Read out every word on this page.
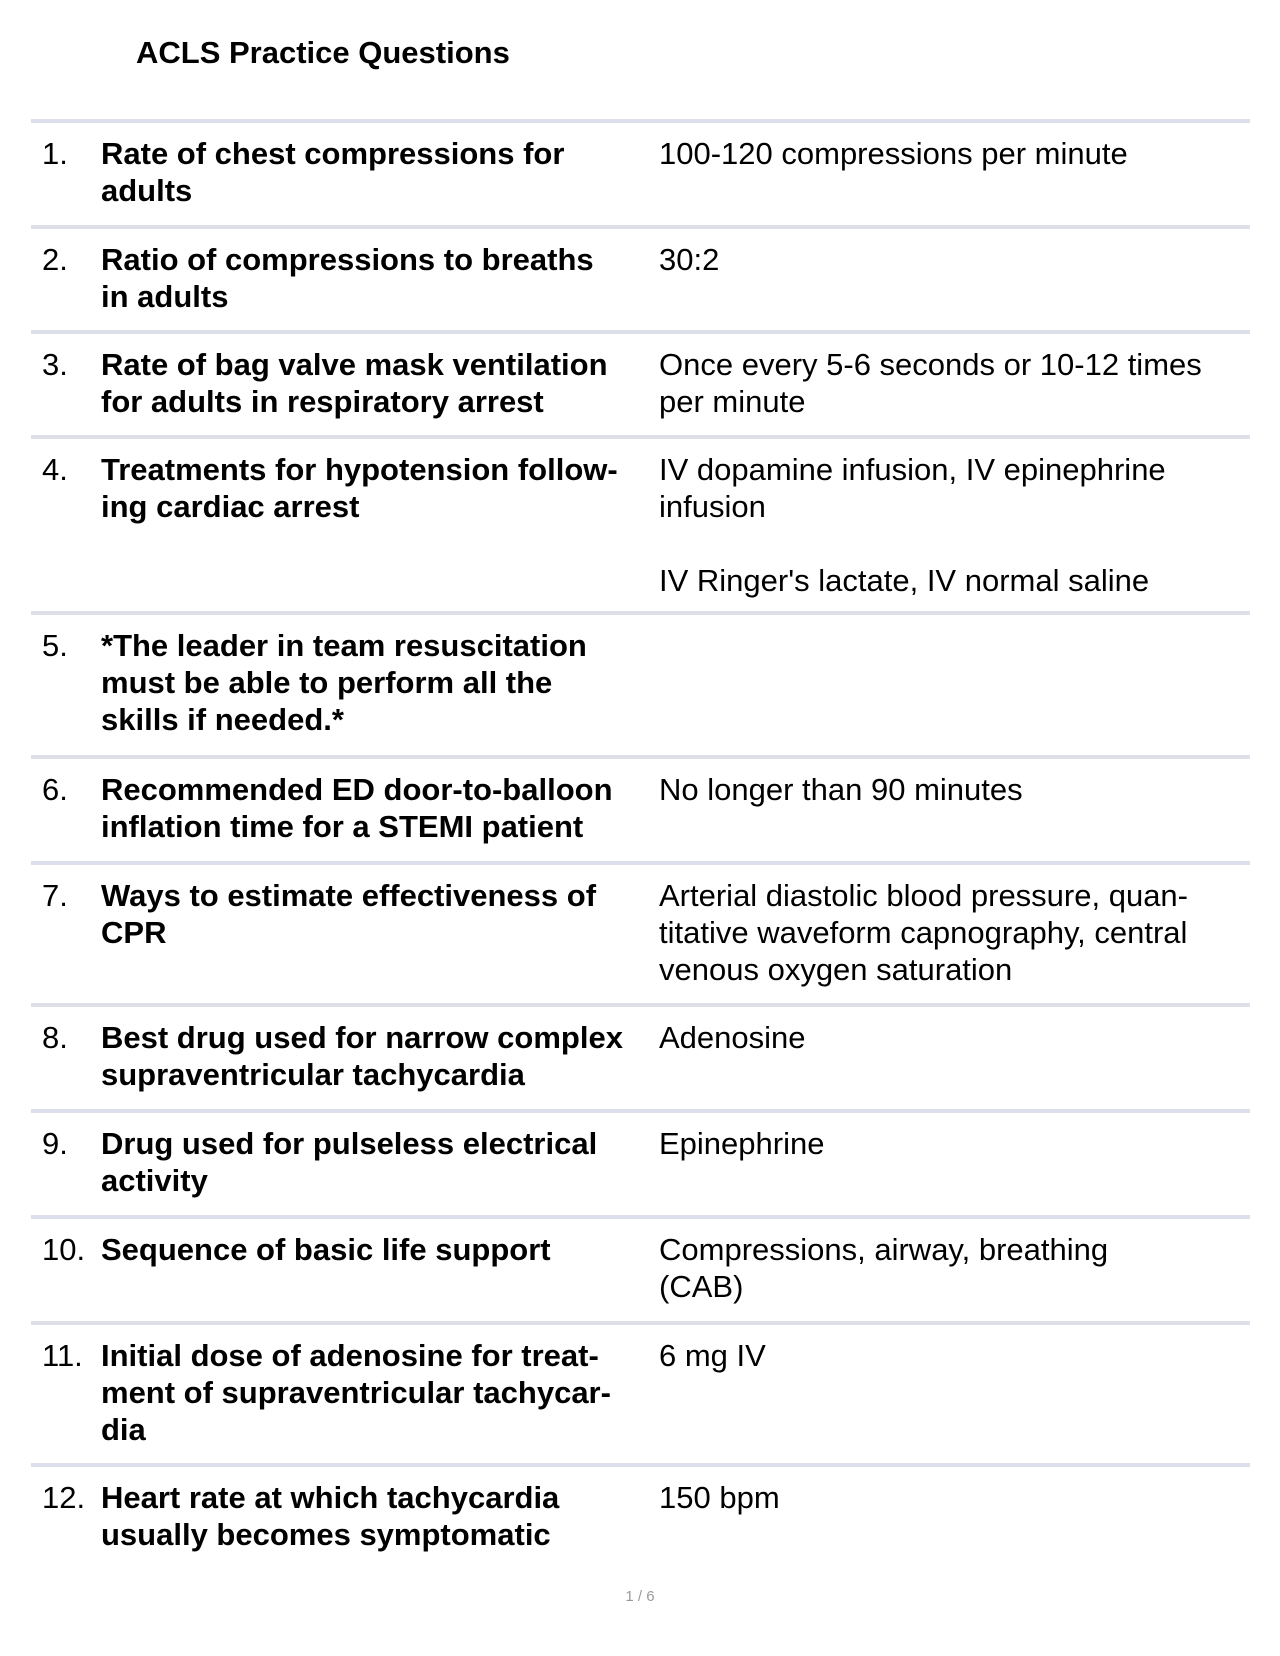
ACLS Practice Questions
1. Rate of chest compressions for
adults
100-120 compressions per minute
2. Ratio of compressions to breaths
in adults
30:2
3. Rate of bag valve mask ventilation
for adults in respiratory arrest
Once every 5-6 seconds or 10-12 times
per minute
4. Treatments for hypotension follow-
ing cardiac arrest
IV dopamine infusion, IV epinephrine
infusion

IV Ringer's lactate, IV normal saline
5. *The leader in team resuscitation
must be able to perform all the
skills if needed.*
6. Recommended ED door-to-balloon
inflation time for a STEMI patient
No longer than 90 minutes
7. Ways to estimate effectiveness of
CPR
Arterial diastolic blood pressure, quan-
titative waveform capnography, central
venous oxygen saturation
8. Best drug used for narrow complex
supraventricular tachycardia
Adenosine
9. Drug used for pulseless electrical
activity
Epinephrine
10. Sequence of basic life support	Compressions, airway, breathing
(CAB)
11. Initial dose of adenosine for treat-
ment of supraventricular tachycar-
dia
6 mg IV
12. Heart rate at which tachycardia
usually becomes symptomatic
150 bpm
1 / 6
